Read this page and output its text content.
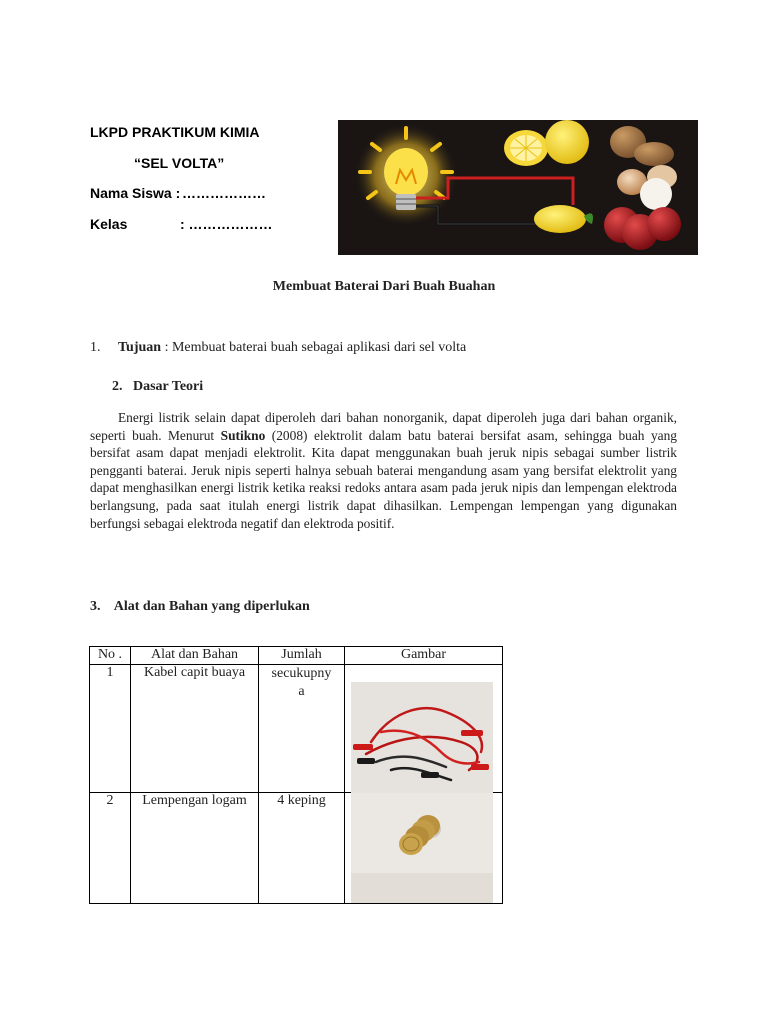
LKPD PRAKTIKUM KIMIA
“SEL VOLTA”
Nama Siswa : ………………
Kelas	: ………………
Membuat Baterai Dari Buah Buahan
1. Tujuan : Membuat baterai buah sebagai aplikasi dari sel volta
2.   Dasar Teori
Energi listrik selain dapat diperoleh dari bahan nonorganik, dapat diperoleh juga dari bahan organik, seperti buah. Menurut Sutikno (2008) elektrolit dalam batu baterai bersifat asam, sehingga buah yang bersifat asam dapat menjadi elektrolit. Kita dapat menggunakan buah jeruk nipis sebagai sumber listrik pengganti baterai. Jeruk nipis seperti halnya sebuah baterai mengandung asam yang bersifat elektrolit yang dapat menghasilkan energi listrik ketika reaksi redoks antara asam pada jeruk nipis dan lempengan elektroda berlangsung, pada saat itulah energi listrik dapat dihasilkan. Lempengan lempengan yang digunakan berfungsi sebagai elektroda negatif dan elektroda positif.
3.    Alat dan Bahan yang diperlukan
No .	Alat dan Bahan	Jumlah	Gambar
1	Kabel capit buaya	secukupnya

2	Lempengan logam	4 keping	
